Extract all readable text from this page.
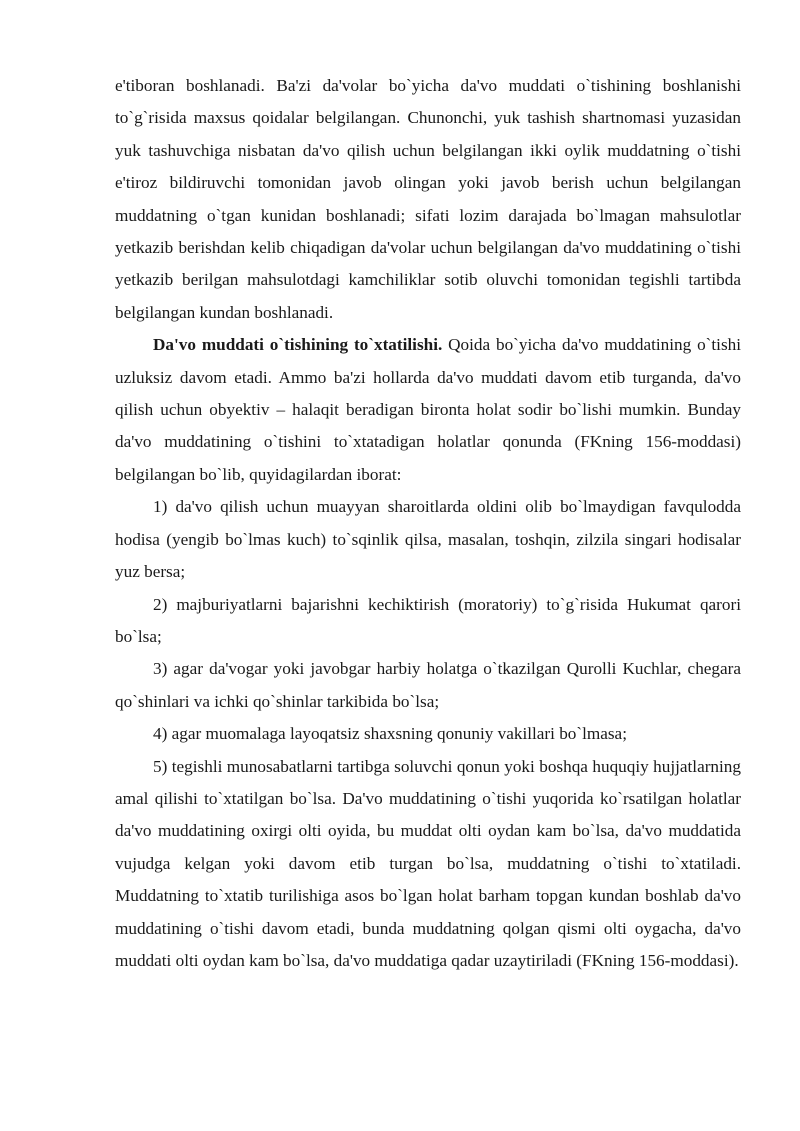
e'tiboran boshlanadi. Ba'zi da'volar bo`yicha da'vo muddati o`tishining boshlanishi to`g`risida maxsus qoidalar belgilangan. Chunonchi, yuk tashish shartnomasi yuzasidan yuk tashuvchiga nisbatan da'vo qilish uchun belgilangan ikki oylik muddatning o`tishi e'tiroz bildiruvchi tomonidan javob olingan yoki javob berish uchun belgilangan muddatning o`tgan kunidan boshlanadi; sifati lozim darajada bo`lmagan mahsulotlar yetkazib berishdan kelib chiqadigan da'volar uchun belgilangan da'vo muddatining o`tishi yetkazib berilgan mahsulotdagi kamchiliklar sotib oluvchi tomonidan tegishli tartibda belgilangan kundan boshlanadi.

Da'vo muddati o`tishining to`xtatilishi. Qoida bo`yicha da'vo muddatining o`tishi uzluksiz davom etadi. Ammo ba'zi hollarda da'vo muddati davom etib turganda, da'vo qilish uchun obyektiv – halaqit beradigan bironta holat sodir bo`lishi mumkin. Bunday da'vo muddatining o`tishini to`xtatadigan holatlar qonunda (FKning 156-moddasi) belgilangan bo`lib, quyidagilardan iborat:

1) da'vo qilish uchun muayyan sharoitlarda oldini olib bo`lmaydigan favqulodda hodisa (yengib bo`lmas kuch) to`sqinlik qilsa, masalan, toshqin, zilzila singari hodisalar yuz bersa;

2) majburiyatlarni bajarishni kechiktirish (moratoriy) to`g`risida Hukumat qarori bo`lsa;

3) agar da'vogar yoki javobgar harbiy holatga o`tkazilgan Qurolli Kuchlar, chegara qo`shinlari va ichki qo`shinlar tarkibida bo`lsa;

4) agar muomalaga layoqatsiz shaxsning qonuniy vakillari bo`lmasa;

5) tegishli munosabatlarni tartibga soluvchi qonun yoki boshqa huquqiy hujjatlarning amal qilishi to`xtatilgan bo`lsa. Da'vo muddatining o`tishi yuqorida ko`rsatilgan holatlar da'vo muddatining oxirgi olti oyida, bu muddat olti oydan kam bo`lsa, da'vo muddatida vujudga kelgan yoki davom etib turgan bo`lsa, muddatning o`tishi to`xtatiladi. Muddatning to`xtatib turilishiga asos bo`lgan holat barham topgan kundan boshlab da'vo muddatining o`tishi davom etadi, bunda muddatning qolgan qismi olti oygacha, da'vo muddati olti oydan kam bo`lsa, da'vo muddatiga qadar uzaytiriladi (FKning 156-moddasi).
